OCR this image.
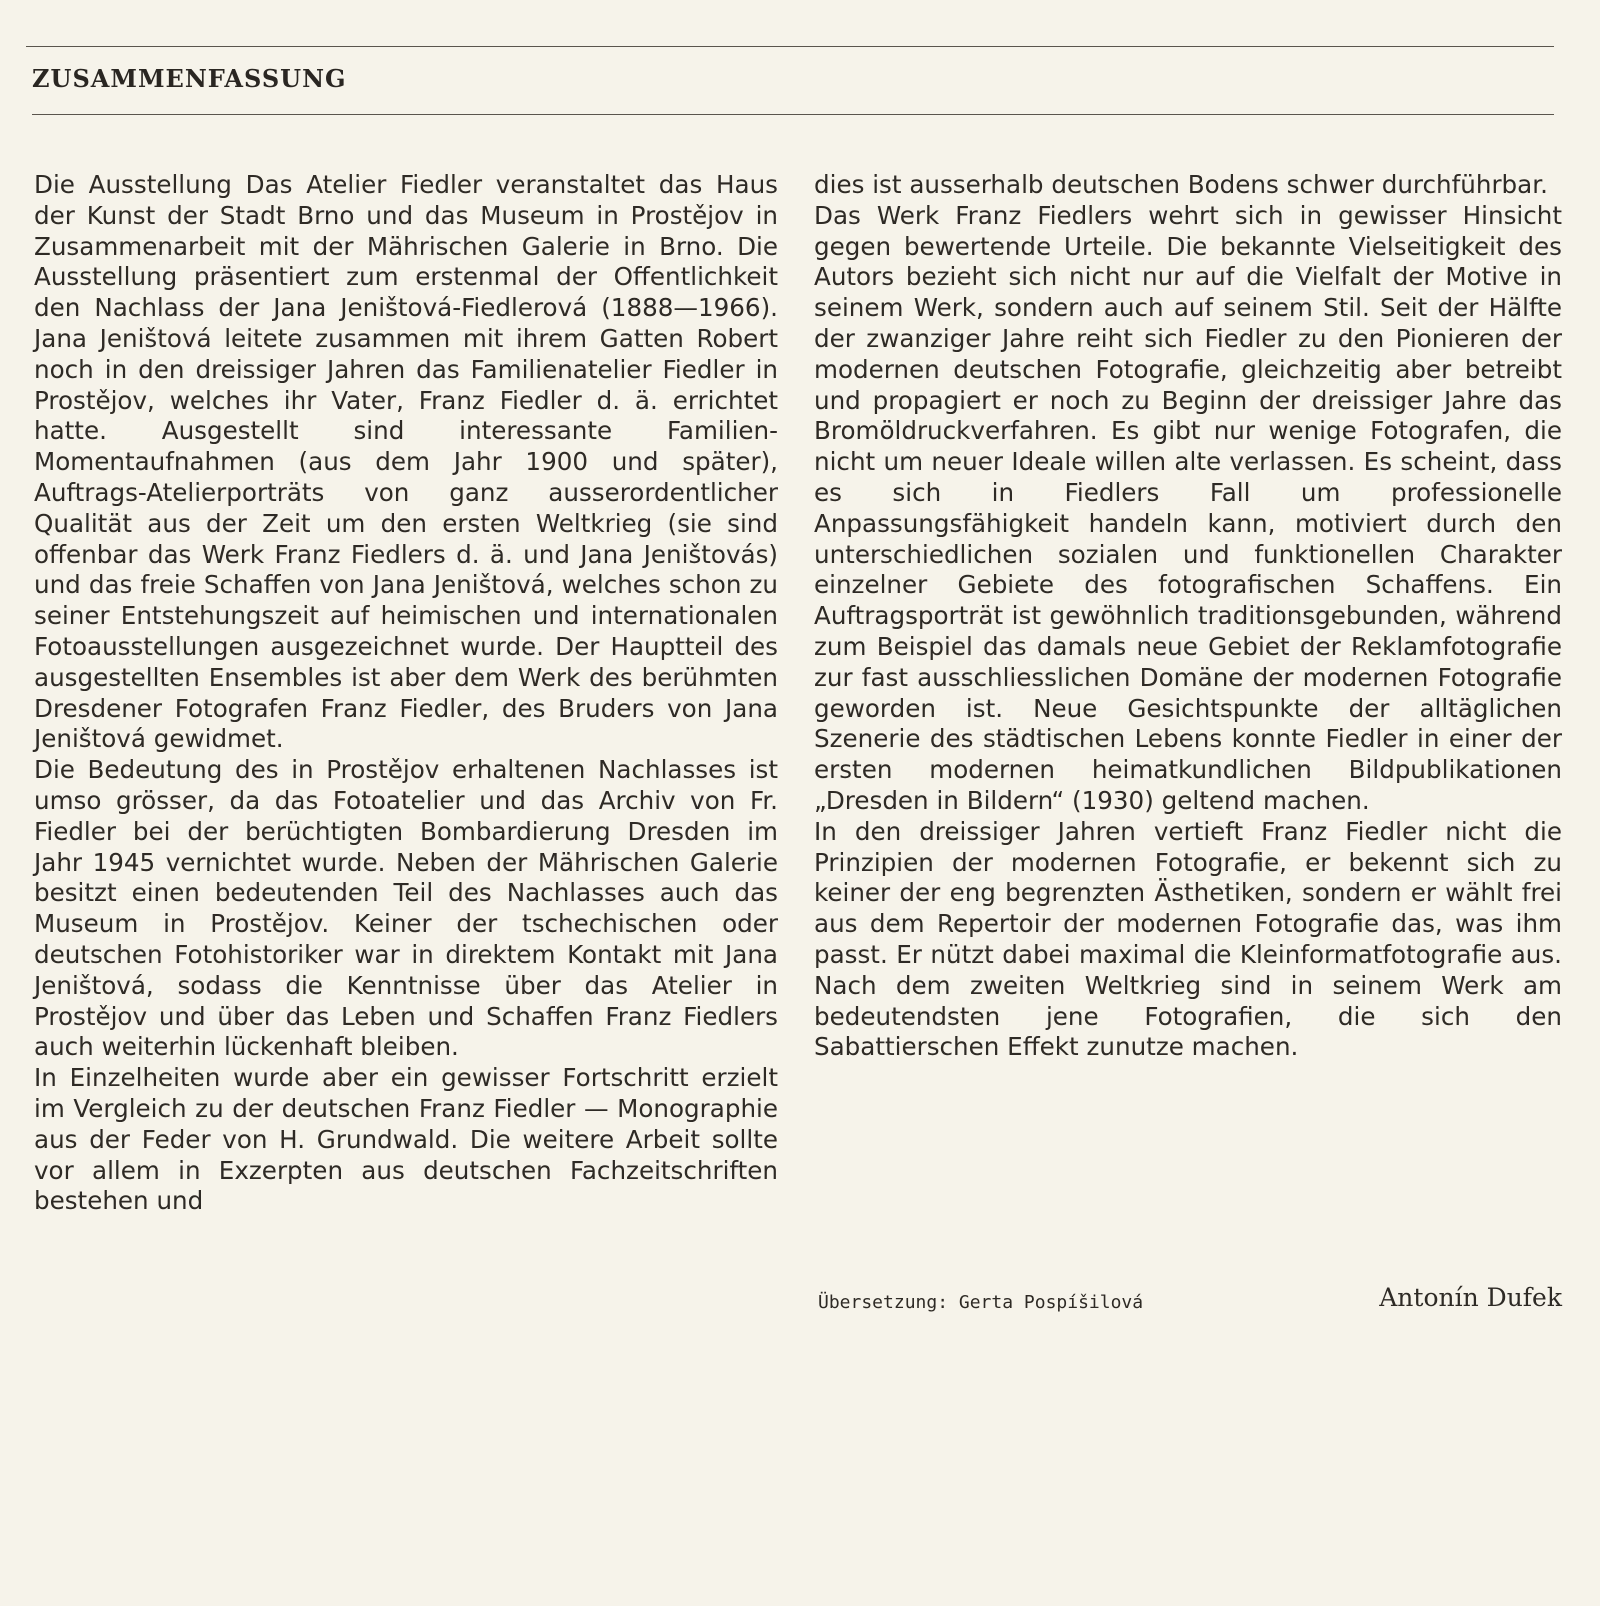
ZUSAMMENFASSUNG

Die Ausstellung Das Atelier Fiedler veranstaltet das Haus der Kunst der Stadt Brno und das Museum in Prostějov in Zusammenarbeit mit der Mährischen Galerie in Brno. Die Ausstellung präsentiert zum erstenmal der Offentlichkeit den Nachlass der Jana Jeništová-Fiedlerová (1888—1966). Jana Jeništová leitete zusammen mit ihrem Gatten Robert noch in den dreissiger Jahren das Familienatelier Fiedler in Prostějov, welches ihr Vater, Franz Fiedler d. ä. errichtet hatte. Ausgestellt sind interessante Familien-Momentaufnahmen (aus dem Jahr 1900 und später), Auftrags-Atelierporträts von ganz ausserordentlicher Qualität aus der Zeit um den ersten Weltkrieg (sie sind offenbar das Werk Franz Fiedlers d. ä. und Jana Jeništovás) und das freie Schaffen von Jana Jeništová, welches schon zu seiner Entstehungszeit auf heimischen und internationalen Fotoausstellungen ausgezeichnet wurde. Der Hauptteil des ausgestellten Ensembles ist aber dem Werk des berühmten Dresdener Fotografen Franz Fiedler, des Bruders von Jana Jeništová gewidmet.

Die Bedeutung des in Prostějov erhaltenen Nachlasses ist umso grösser, da das Fotoatelier und das Archiv von Fr. Fiedler bei der berüchtigten Bombardierung Dresden im Jahr 1945 vernichtet wurde. Neben der Mährischen Galerie besitzt einen bedeutenden Teil des Nachlasses auch das Museum in Prostějov. Keiner der tschechischen oder deutschen Fotohistoriker war in direktem Kontakt mit Jana Jeništová, sodass die Kenntnisse über das Atelier in Prostějov und über das Leben und Schaffen Franz Fiedlers auch weiterhin lückenhaft bleiben.

In Einzelheiten wurde aber ein gewisser Fortschritt erzielt im Vergleich zu der deutschen Franz Fiedler — Monographie aus der Feder von H. Grundwald. Die weitere Arbeit sollte vor allem in Exzerpten aus deutschen Fachzeitschriften bestehen und

dies ist ausserhalb deutschen Bodens schwer durchführbar.

Das Werk Franz Fiedlers wehrt sich in gewisser Hinsicht gegen bewertende Urteile. Die bekannte Vielseitigkeit des Autors bezieht sich nicht nur auf die Vielfalt der Motive in seinem Werk, sondern auch auf seinem Stil. Seit der Hälfte der zwanziger Jahre reiht sich Fiedler zu den Pionieren der modernen deutschen Fotografie, gleichzeitig aber betreibt und propagiert er noch zu Beginn der dreissiger Jahre das Bromöldruckverfahren. Es gibt nur wenige Fotografen, die nicht um neuer Ideale willen alte verlassen. Es scheint, dass es sich in Fiedlers Fall um professionelle Anpassungsfähigkeit handeln kann, motiviert durch den unterschiedlichen sozialen und funktionellen Charakter einzelner Gebiete des fotografischen Schaffens. Ein Auftragsporträt ist gewöhnlich traditionsgebunden, während zum Beispiel das damals neue Gebiet der Reklamfotografie zur fast ausschliesslichen Domäne der modernen Fotografie geworden ist. Neue Gesichtspunkte der alltäglichen Szenerie des städtischen Lebens konnte Fiedler in einer der ersten modernen heimatkundlichen Bildpublikationen „Dresden in Bildern“ (1930) geltend machen.

In den dreissiger Jahren vertieft Franz Fiedler nicht die Prinzipien der modernen Fotografie, er bekennt sich zu keiner der eng begrenzten Ästhetiken, sondern er wählt frei aus dem Repertoir der modernen Fotografie das, was ihm passt. Er nützt dabei maximal die Kleinformatfotografie aus. Nach dem zweiten Weltkrieg sind in seinem Werk am bedeutendsten jene Fotografien, die sich den Sabattierschen Effekt zunutze machen.

Übersetzung: Gerta Pospíšilová	Antonín Dufek
